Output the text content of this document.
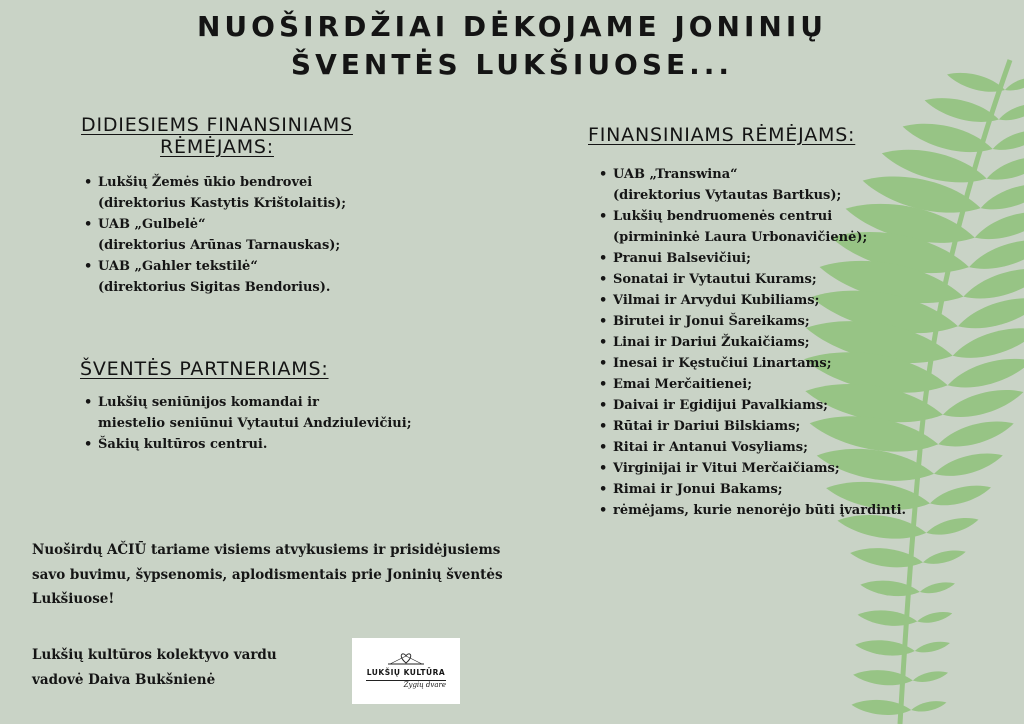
NUOŠIRDŽIAI DĖKOJAME JONINIŲ
ŠVENTĖS LUKŠIUOSE...
DIDIESIEMS FINANSINIAMS
RĖMĖJAMS:
• Lukšių Žemės ūkio bendrovei
(direktorius Kastytis Krištolaitis);
• UAB „Gulbelė“
(direktorius Arūnas Tarnauskas);
• UAB „Gahler tekstilė“
(direktorius Sigitas Bendorius).
ŠVENTĖS PARTNERIAMS:
• Lukšių seniūnijos komandai ir
miestelio seniūnui Vytautui Andziulevičiui;
• Šakių kultūros centrui.
FINANSINIAMS RĖMĖJAMS:
• UAB „Transwina“
(direktorius Vytautas Bartkus);
• Lukšių bendruomenės centrui
(pirmininkė Laura Urbonavičienė);
• Pranui Balsevičiui;
• Sonatai ir Vytautui Kurams;
• Vilmai ir Arvydui Kubiliams;
• Birutei ir Jonui Šareikams;
• Linai ir Dariui Žukaičiams;
• Inesai ir Kęstučiui Linartams;
• Emai Merčaitienei;
• Daivai ir Egidijui Pavalkiams;
• Rūtai ir Dariui Bilskiams;
• Ritai ir Antanui Vosyliams;
• Virginijai ir Vitui Merčaičiams;
• Rimai ir Jonui Bakams;
• rėmėjams, kurie nenorėjo būti įvardinti.
Nuoširdų AČIŪ tariame visiems atvykusiems ir prisidėjusiems
savo buvimu, šypsenomis, aplodismentais prie Joninių šventės
Lukšiuose!
Lukšių kultūros kolektyvo vardu
vadovė Daiva Bukšnienė	LUKŠIŲ KULTŪRA
Žygių dvare
